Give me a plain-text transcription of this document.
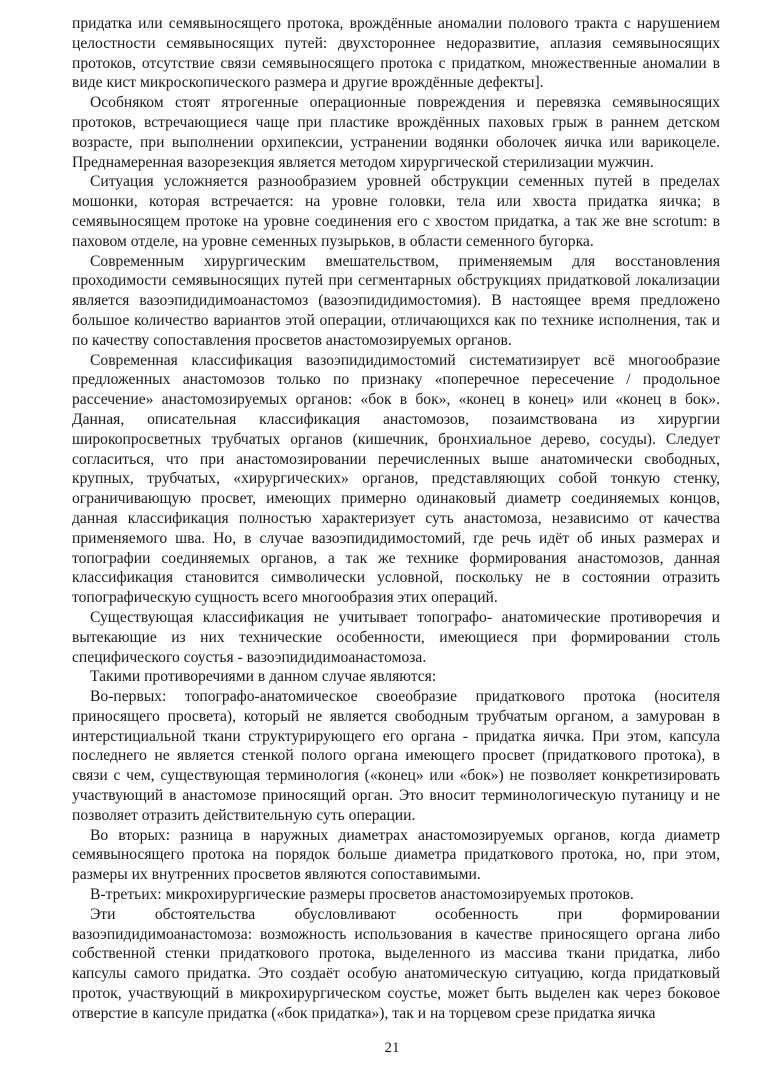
придатка или семявыносящего протока, врождённые аномалии полового тракта с нарушением целостности семявыносящих путей: двухстороннее недоразвитие, аплазия семявыносящих протоков, отсутствие связи семявыносящего протока с придатком, множественные аномалии в виде кист микроскопического размера и другие врождённые дефекты].

Особняком стоят ятрогенные операционные повреждения и перевязка семявыносящих протоков, встречающиеся чаще при пластике врождённых паховых грыж в раннем детском возрасте, при выполнении орхипексии, устранении водянки оболочек яичка или варикоцеле. Преднамеренная вазорезекция является методом хирургической стерилизации мужчин.

Ситуация усложняется разнообразием уровней обструкции семенных путей в пределах мошонки, которая встречается: на уровне головки, тела или хвоста придатка яичка; в семявыносящем протоке на уровне соединения его с хвостом придатка, а так же вне scrotum: в паховом отделе, на уровне семенных пузырьков, в области семенного бугорка.

Современным хирургическим вмешательством, применяемым для восстановления проходимости семявыносящих путей при сегментарных обструкциях придатковой локализации является вазоэпидидимоанастомоз (вазоэпидидимостомия). В настоящее время предложено большое количество вариантов этой операции, отличающихся как по технике исполнения, так и по качеству сопоставления просветов анастомозируемых органов.

Современная классификация вазоэпидидимостомий систематизирует всё многообразие предложенных анастомозов только по признаку «поперечное пересечение / продольное рассечение» анастомозируемых органов: «бок в бок», «конец в конец» или «конец в бок». Данная, описательная классификация анастомозов, позаимствована из хирургии широкопросветных трубчатых органов (кишечник, бронхиальное дерево, сосуды). Следует согласиться, что при анастомозировании перечисленных выше анатомически свободных, крупных, трубчатых, «хирургических» органов, представляющих собой тонкую стенку, ограничивающую просвет, имеющих примерно одинаковый диаметр соединяемых концов, данная классификация полностью характеризует суть анастомоза, независимо от качества применяемого шва. Но, в случае вазоэпидидимостомий, где речь идёт об иных размерах и топографии соединяемых органов, а так же технике формирования анастомозов, данная классификация становится символически условной, поскольку не в состоянии отразить топографическую сущность всего многообразия этих операций.

Существующая классификация не учитывает топографо- анатомические противоречия и вытекающие из них технические особенности, имеющиеся при формировании столь специфического соустья - вазоэпидидимоанастомоза.

Такими противоречиями в данном случае являются:

Во-первых: топографо-анатомическое своеобразие придаткового протока (носителя приносящего просвета), который не является свободным трубчатым органом, а замурован в интерстициальной ткани структурирующего его органа - придатка яичка. При этом, капсула последнего не является стенкой полого органа имеющего просвет (придаткового протока), в связи с чем, существующая терминология («конец» или «бок») не позволяет конкретизировать участвующий в анастомозе приносящий орган. Это вносит терминологическую путаницу и не позволяет отразить действительную суть операции.

Во вторых: разница в наружных диаметрах анастомозируемых органов, когда диаметр семявыносящего протока на порядок больше диаметра придаткового протока, но, при этом, размеры их внутренних просветов являются сопоставимыми.

В-третьих: микрохирургические размеры просветов анастомозируемых протоков.

Эти обстоятельства обусловливают особенность при формировании вазоэпидидимоанастомоза: возможность использования в качестве приносящего органа либо собственной стенки придаткового протока, выделенного из массива ткани придатка, либо капсулы самого придатка. Это создаёт особую анатомическую ситуацию, когда придатковый проток, участвующий в микрохирургическом соустье, может быть выделен как через боковое отверстие в капсуле придатка («бок придатка»), так и на торцевом срезе придатка яичка

21
